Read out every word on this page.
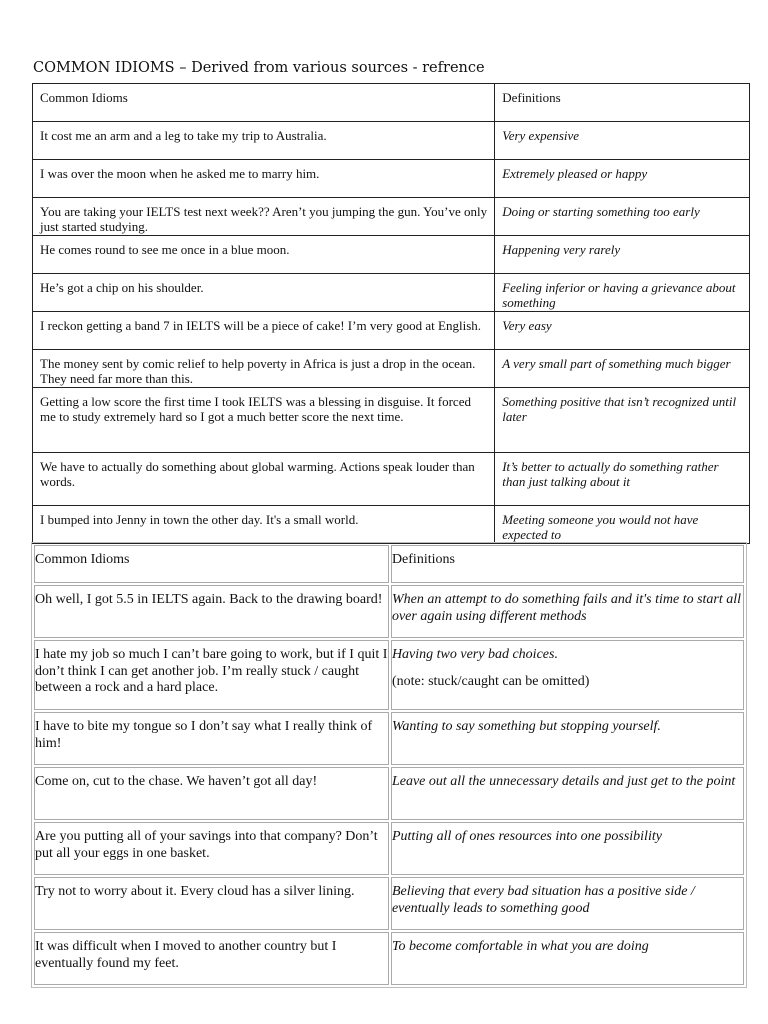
COMMON IDIOMS – Derived from various sources - refrence
Common Idioms	Definitions
It cost me an arm and a leg to take my trip to Australia.	Very expensive
I was over the moon when he asked me to marry him.	Extremely pleased or happy
You are taking your IELTS test next week?? Aren’t you jumping the gun. You’ve only just started studying.	Doing or starting something too early
He comes round to see me once in a blue moon.	Happening very rarely
He’s got a chip on his shoulder.	Feeling inferior or having a grievance about something
I reckon getting a band 7 in IELTS will be a piece of cake! I’m very good at English.	Very easy
The money sent by comic relief to help poverty in Africa is just a drop in the ocean. They need far more than this.	A very small part of something much bigger
Getting a low score the first time I took IELTS was a blessing in disguise. It forced me to study extremely hard so I got a much better score the next time.	Something positive that isn’t recognized until later
We have to actually do something about global warming. Actions speak louder than words.	It’s better to actually do something rather than just talking about it
I bumped into Jenny in town the other day. It's a small world.	Meeting someone you would not have expected to
Common Idioms	Definitions
Oh well, I got 5.5 in IELTS again. Back to the drawing board!	When an attempt to do something fails and it's time to start all over again using different methods
I hate my job so much I can’t bare going to work, but if I quit I don’t think I can get another job. I’m really stuck / caught between a rock and a hard place.	Having two very bad choices.
(note: stuck/caught can be omitted)

I have to bite my tongue so I don’t say what I really think of him!	Wanting to say something but stopping yourself.
Come on, cut to the chase. We haven’t got all day!	Leave out all the unnecessary details and just get to the point
Are you putting all of your savings into that company? Don’t put all your eggs in one basket.	Putting all of ones resources into one possibility
Try not to worry about it. Every cloud has a silver lining.	Believing that every bad situation has a positive side / eventually leads to something good
It was difficult when I moved to another country but I eventually found my feet.	To become comfortable in what you are doing
